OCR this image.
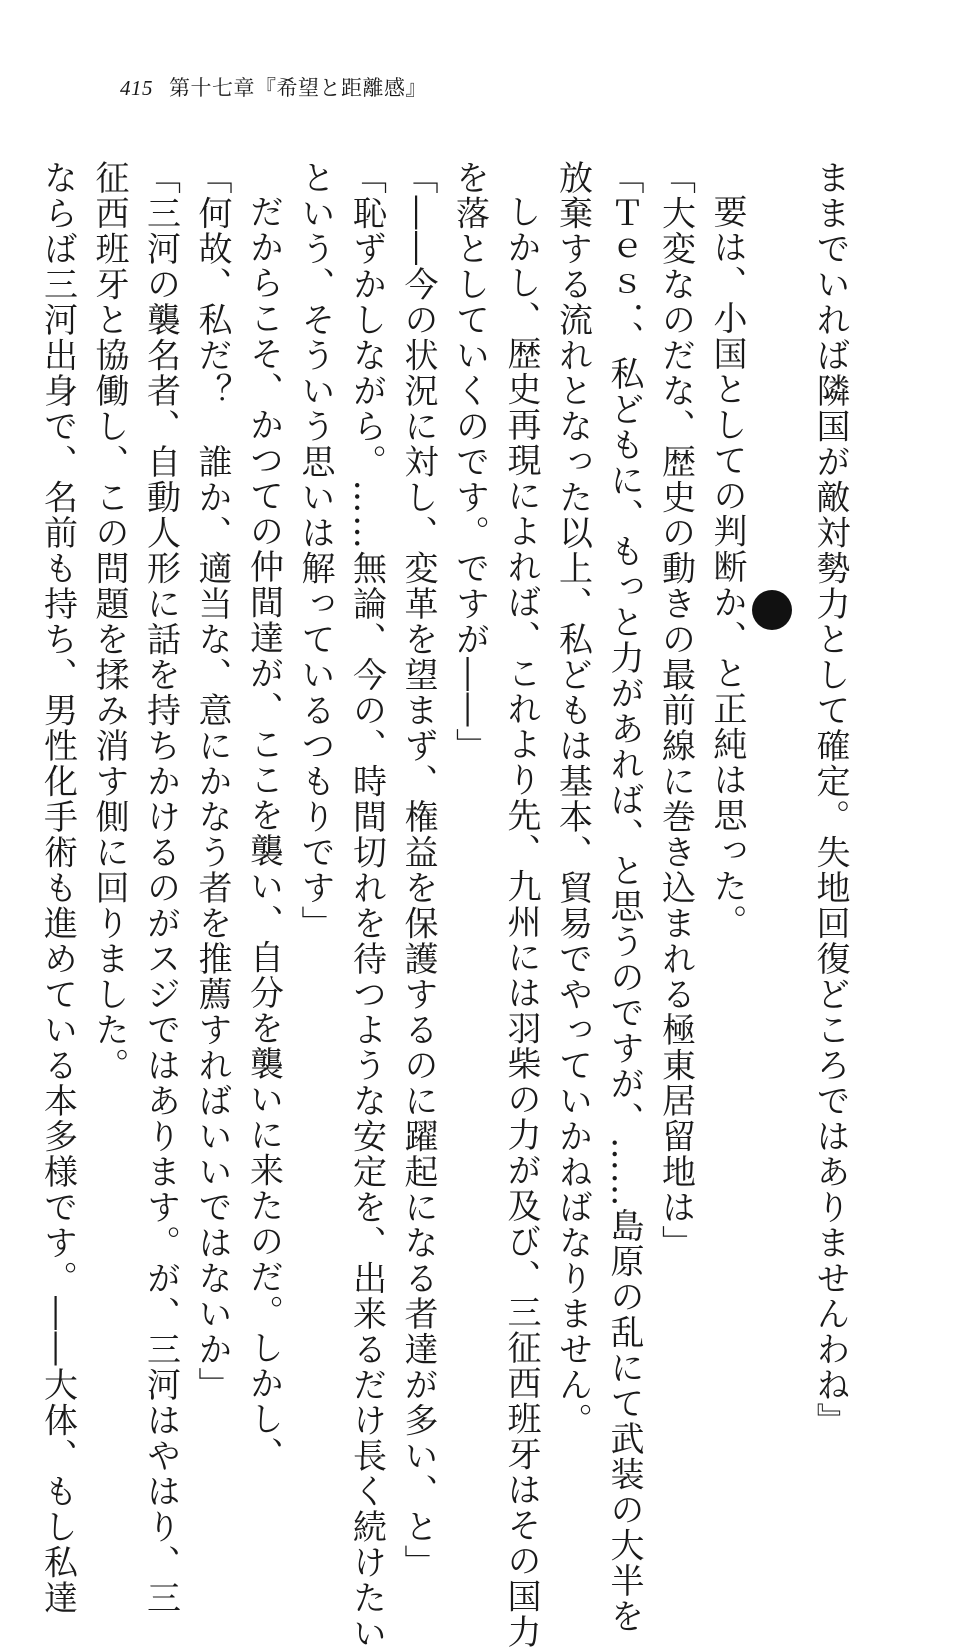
415 第十七章『希望と距離感』

ままでいれば隣国が敵対勢力として確定。失地回復どころではありませんわね』

要は、小国としての判断か、と正純は思った。

「大変なのだな、歴史の動きの最前線に巻き込まれる極東居留地は」

「Ｔｅｓ．、私どもに、もっと力があれば、と思うのですが、……島原の乱にて武装の大半を

放棄する流れとなった以上、私どもは基本、貿易でやっていかねばなりません。

しかし、歴史再現によれば、これより先、九州には羽柴の力が及び、三征西班牙はその国力

を落としていくのです。ですが――」

「――今の状況に対し、変革を望まず、権益を保護するのに躍起になる者達が多い、と」

「恥ずかしながら。……無論、今の、時間切れを待つような安定を、出来るだけ長く続けたい

という、そういう思いは解っているつもりです」

だからこそ、かつての仲間達が、ここを襲い、自分を襲いに来たのだ。しかし、

「何故、私だ？　誰か、適当な、意にかなう者を推薦すればいいではないか」

「三河の襲名者、自動人形に話を持ちかけるのがスジではあります。が、三河はやはり、三

征西班牙と協働し、この問題を揉み消す側に回りました。

ならば三河出身で、名前も持ち、男性化手術も進めている本多様です。――大体、もし私達
